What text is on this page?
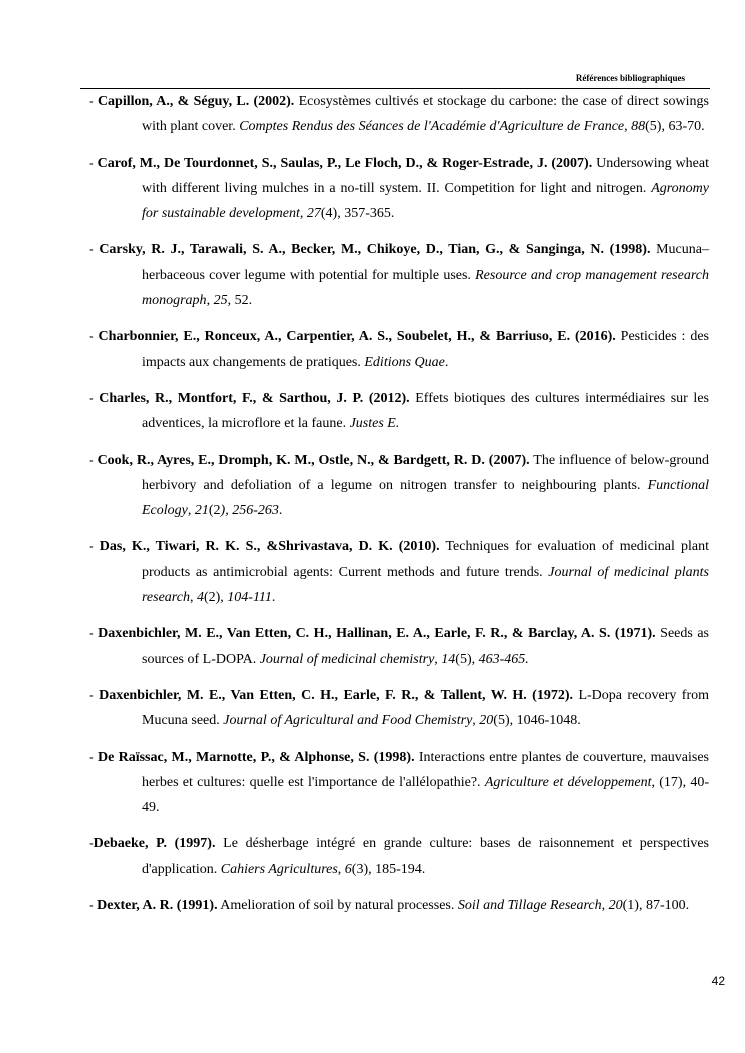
Références bibliographiques

- Capillon, A., & Séguy, L. (2002). Ecosystèmes cultivés et stockage du carbone: the case of direct sowings with plant cover. Comptes Rendus des Séances de l'Académie d'Agriculture de France, 88(5), 63-70.

- Carof, M., De Tourdonnet, S., Saulas, P., Le Floch, D., & Roger-Estrade, J. (2007). Undersowing wheat with different living mulches in a no-till system. II. Competition for light and nitrogen. Agronomy for sustainable development, 27(4), 357-365.

- Carsky, R. J., Tarawali, S. A., Becker, M., Chikoye, D., Tian, G., & Sanginga, N. (1998). Mucuna–herbaceous cover legume with potential for multiple uses. Resource and crop management research monograph, 25, 52.

- Charbonnier, E., Ronceux, A., Carpentier, A. S., Soubelet, H., & Barriuso, E. (2016). Pesticides : des impacts aux changements de pratiques. Editions Quae.

- Charles, R., Montfort, F., & Sarthou, J. P. (2012). Effets biotiques des cultures intermédiaires sur les adventices, la microflore et la faune. Justes E.

- Cook, R., Ayres, E., Dromph, K. M., Ostle, N., & Bardgett, R. D. (2007). The influence of below-ground herbivory and defoliation of a legume on nitrogen transfer to neighbouring plants. Functional Ecology, 21(2), 256-263.

- Das, K., Tiwari, R. K. S., &Shrivastava, D. K. (2010). Techniques for evaluation of medicinal plant products as antimicrobial agents: Current methods and future trends. Journal of medicinal plants research, 4(2), 104-111.

- Daxenbichler, M. E., Van Etten, C. H., Hallinan, E. A., Earle, F. R., & Barclay, A. S. (1971). Seeds as sources of L-DOPA. Journal of medicinal chemistry, 14(5), 463-465.

- Daxenbichler, M. E., Van Etten, C. H., Earle, F. R., & Tallent, W. H. (1972). L-Dopa recovery from Mucuna seed. Journal of Agricultural and Food Chemistry, 20(5), 1046-1048.

- De Raïssac, M., Marnotte, P., & Alphonse, S. (1998). Interactions entre plantes de couverture, mauvaises herbes et cultures: quelle est l'importance de l'allélopathie?. Agriculture et développement, (17), 40-49.

-Debaeke, P. (1997). Le désherbage intégré en grande culture: bases de raisonnement et perspectives d'application. Cahiers Agricultures, 6(3), 185-194.

- Dexter, A. R. (1991). Amelioration of soil by natural processes. Soil and Tillage Research, 20(1), 87-100.

42
